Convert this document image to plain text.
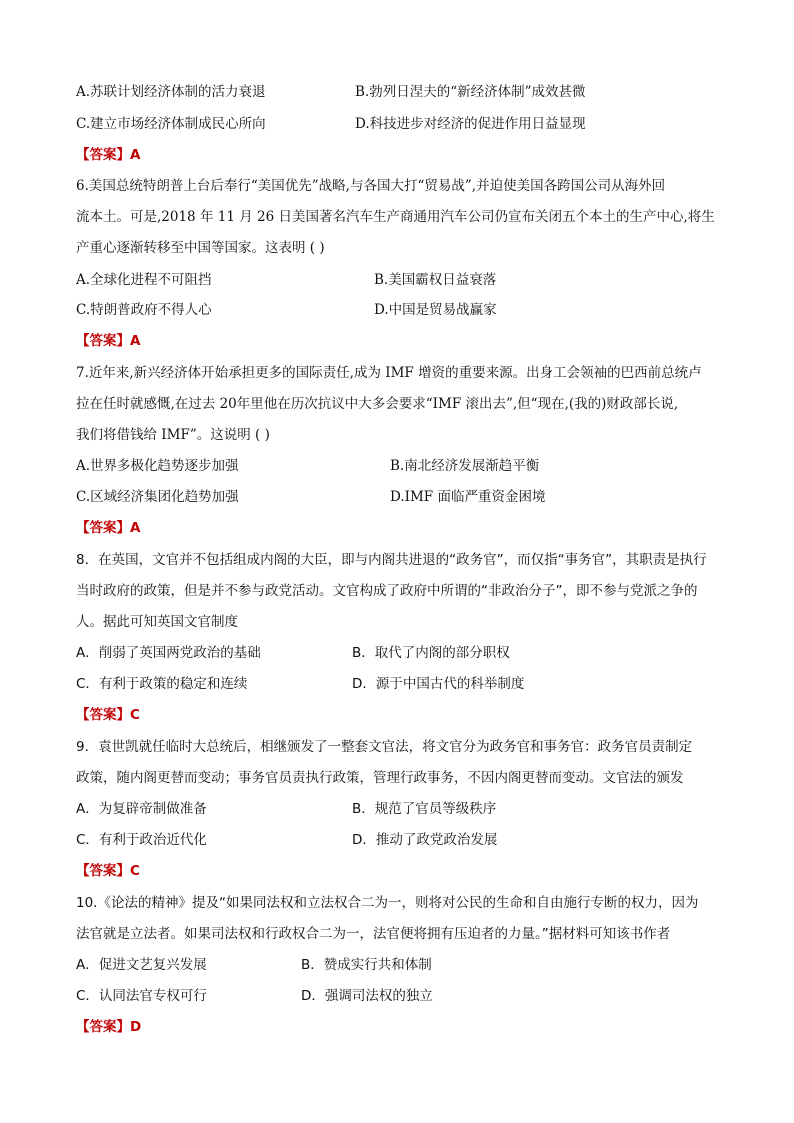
A.苏联计划经济体制的活力衰退	B.勃列日涅夫的“新经济体制”成效甚微
C.建立市场经济体制成民心所向	D.科技进步对经济的促进作用日益显现
【答案】A
6.美国总统特朗普上台后奉行“美国优先”战略,与各国大打“贸易战”,并迫使美国各跨国公司从海外回
流本土。可是,2018 年 11 月 26 日美国著名汽车生产商通用汽车公司仍宣布关闭五个本土的生产中心,将生
产重心逐渐转移至中国等国家。这表明 ( )
A.全球化进程不可阻挡	B.美国霸权日益衰落
C.特朗普政府不得人心	D.中国是贸易战赢家
【答案】A
7.近年来,新兴经济体开始承担更多的国际责任,成为 IMF 增资的重要来源。出身工会领袖的巴西前总统卢
拉在任时就感慨,在过去 20年里他在历次抗议中大多会要求“IMF 滚出去”,但“现在,(我的)财政部长说,
我们将借钱给 IMF”。这说明 ( )
A.世界多极化趋势逐步加强	B.南北经济发展渐趋平衡
C.区域经济集团化趋势加强	D.IMF 面临严重资金困境
【答案】A
8．在英国，文官并不包括组成内阁的大臣，即与内阁共进退的“政务官”，而仅指“事务官”，其职责是执行
当时政府的政策，但是并不参与政党活动。文官构成了政府中所谓的“非政治分子”，即不参与党派之争的
人。据此可知英国文官制度
A．削弱了英国两党政治的基础	B．取代了内阁的部分职权
C．有利于政策的稳定和连续	D．源于中国古代的科举制度
【答案】C
9．袁世凯就任临时大总统后，相继颁发了一整套文官法，将文官分为政务官和事务官：政务官员责制定
政策，随内阁更替而变动；事务官员责执行政策，管理行政事务，不因内阁更替而变动。文官法的颁发
A．为复辟帝制做准备	B．规范了官员等级秩序
C．有利于政治近代化	D．推动了政党政治发展
【答案】C
10.《论法的精神》提及“如果同法权和立法权合二为一，则将对公民的生命和自由施行专断的权力，因为
法官就是立法者。如果司法权和行政权合二为一，法官便将拥有压迫者的力量。”据材料可知该书作者
A．促进文艺复兴发展	B．赞成实行共和体制
C．认同法官专权可行	D．强调司法权的独立
【答案】D
